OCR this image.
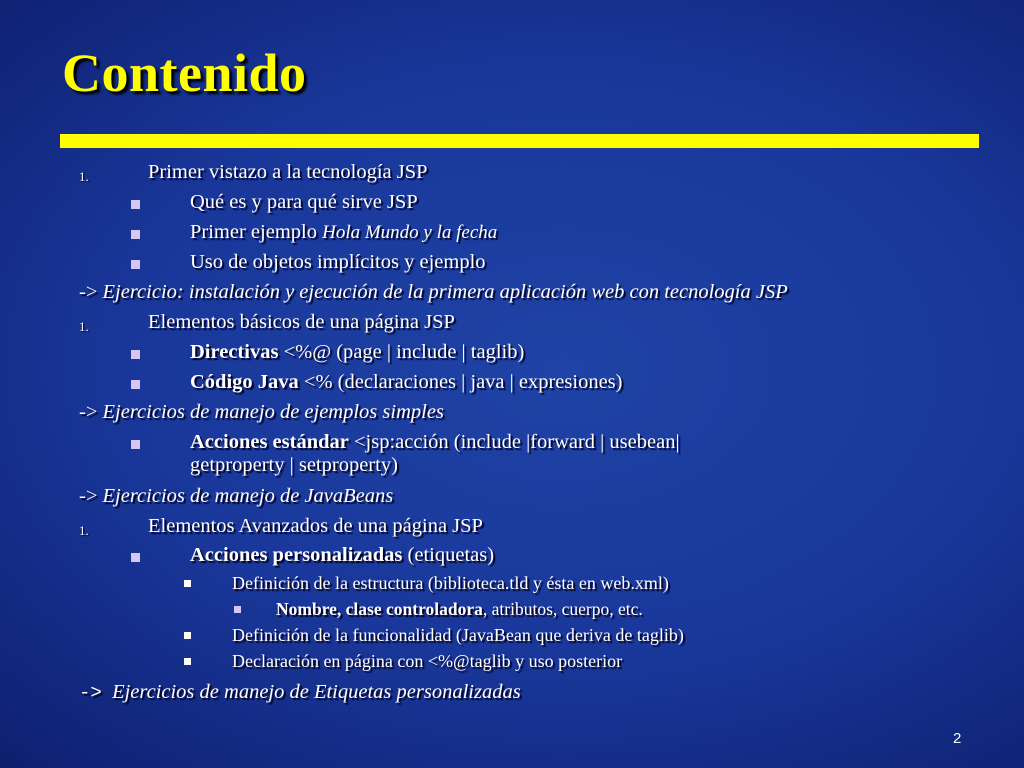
Contenido
1.	Primer vistazo a la tecnología JSP
Qué es y para qué sirve JSP
Primer ejemplo Hola Mundo y la fecha
Uso de objetos implícitos y ejemplo
-> Ejercicio: instalación y ejecución de la primera aplicación web con tecnología JSP
1.	Elementos básicos de una página JSP
Directivas <%@ (page | include | taglib)
Código Java <% (declaraciones | java | expresiones)
-> Ejercicios de manejo de ejemplos simples
Acciones estándar <jsp:acción (include |forward | usebean|
getproperty | setproperty)
-> Ejercicios de manejo de JavaBeans
1.	Elementos Avanzados de una página JSP
Acciones personalizadas (etiquetas)
Definición de la estructura (biblioteca.tld y ésta en web.xml)
Nombre, clase controladora, atributos, cuerpo, etc.
Definición de la funcionalidad (JavaBean que deriva de taglib)
Declaración en página con <%@taglib y uso posterior
-> Ejercicios de manejo de Etiquetas personalizadas
2
